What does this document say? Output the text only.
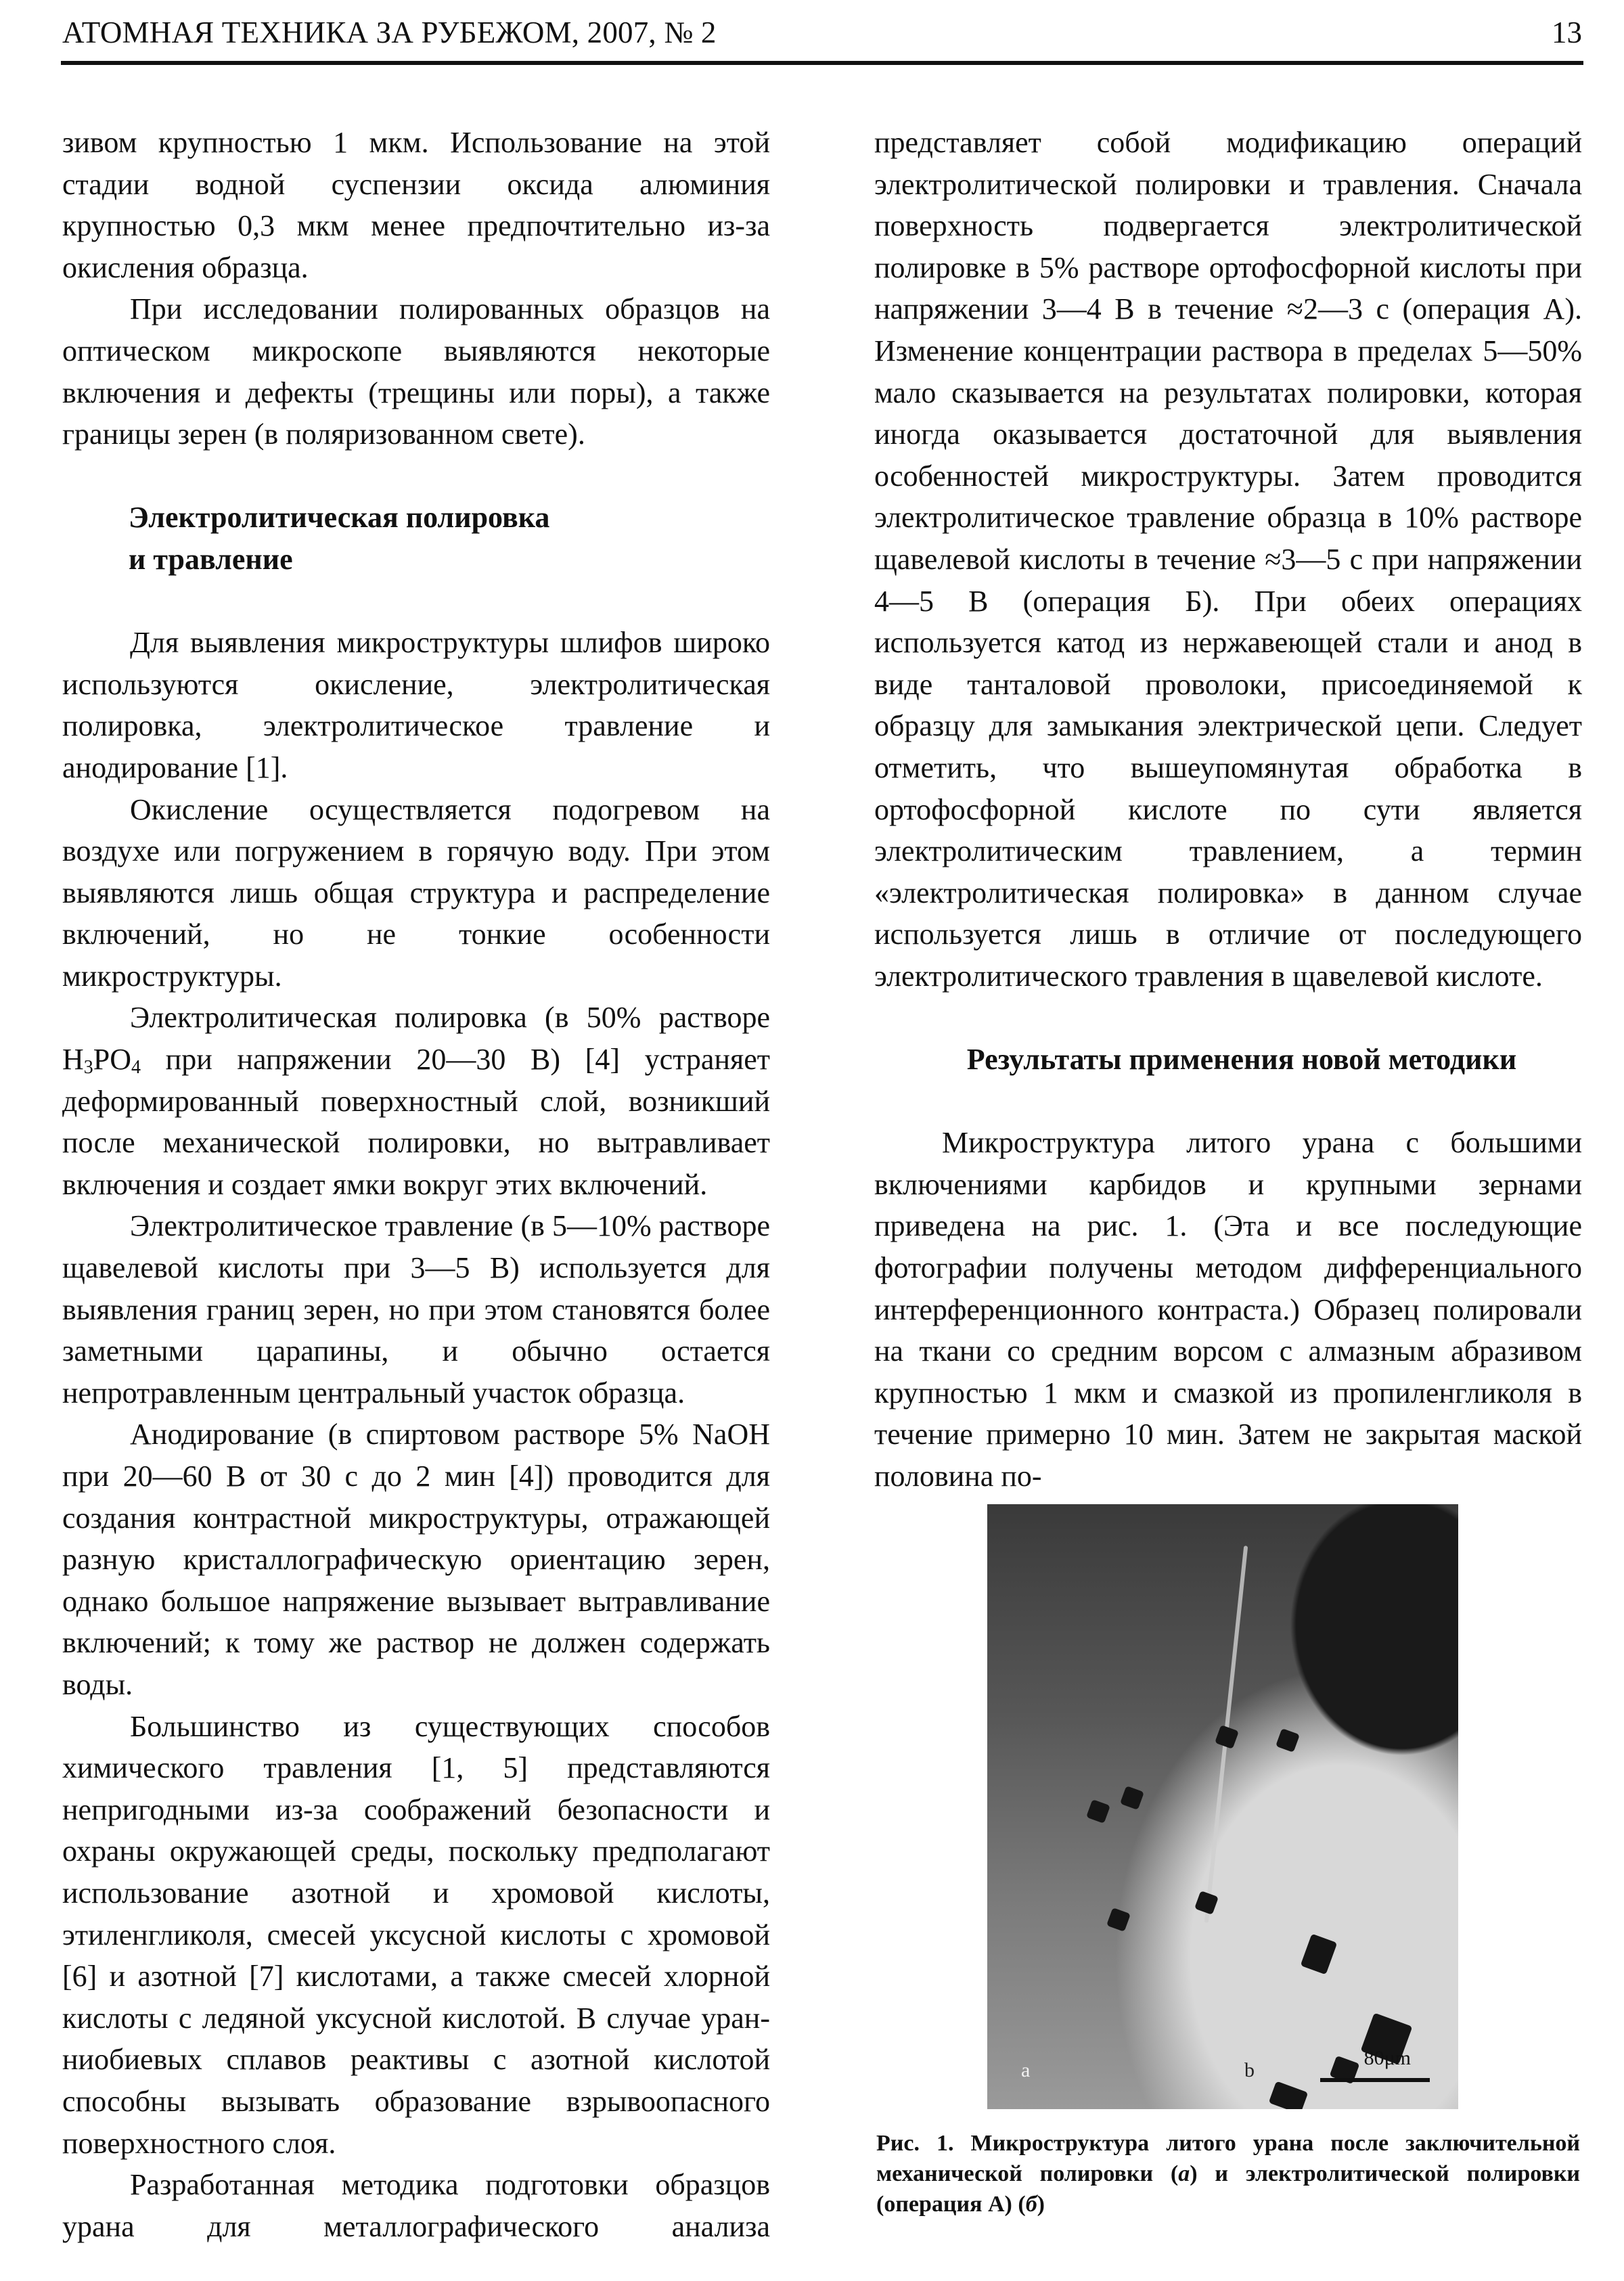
АТОМНАЯ ТЕХНИКА ЗА РУБЕЖОМ, 2007, № 2	13

зивом крупностью 1 мкм. Использование на этой стадии водной суспензии оксида алюминия крупностью 0,3 мкм менее предпочтительно из-за окисления образца.

При исследовании полированных образцов на оптическом микроскопе выявляются некоторые включения и дефекты (трещины или поры), а также границы зерен (в поляризованном свете).

Электролитическая полировка
и травление

Для выявления микроструктуры шлифов широко используются окисление, электролитическая полировка, электролитическое травление и анодирование [1].

Окисление осуществляется подогревом на воздухе или погружением в горячую воду. При этом выявляются лишь общая структура и распределение включений, но не тонкие особенности микроструктуры.

Электролитическая полировка (в 50% растворе $H_3PO_4$ при напряжении 20—30 В) [4] устраняет деформированный поверхностный слой, возникший после механической полировки, но вытравливает включения и создает ямки вокруг этих включений.

Электролитическое травление (в 5—10% растворе щавелевой кислоты при 3—5 В) используется для выявления границ зерен, но при этом становятся более заметными царапины, и обычно остается непротравленным центральный участок образца.

Анодирование (в спиртовом растворе 5% NaOH при 20—60 В от 30 с до 2 мин [4]) проводится для создания контрастной микроструктуры, отражающей разную кристаллографическую ориентацию зерен, однако большое напряжение вызывает вытравливание включений; к тому же раствор не должен содержать воды.

Большинство из существующих способов химического травления [1, 5] представляются непригодными из-за соображений безопасности и охраны окружающей среды, поскольку предполагают использование азотной и хромовой кислоты, этиленгликоля, смесей уксусной кислоты с хромовой [6] и азотной [7] кислотами, а также смесей хлорной кислоты с ледяной уксусной кислотой. В случае уран-ниобиевых сплавов реактивы с азотной кислотой способны вызывать образование взрывоопасного поверхностного слоя.

Разработанная методика подготовки образцов урана для металлографического анализа

представляет собой модификацию операций электролитической полировки и травления. Сначала поверхность подвергается электролитической полировке в 5% растворе ортофосфорной кислоты при напряжении 3—4 В в течение ≈2—3 с (операция А). Изменение концентрации раствора в пределах 5—50% мало сказывается на результатах полировки, которая иногда оказывается достаточной для выявления особенностей микроструктуры. Затем проводится электролитическое травление образца в 10% растворе щавелевой кислоты в течение ≈3—5 с при напряжении 4—5 В (операция Б). При обеих операциях используется катод из нержавеющей стали и анод в виде танталовой проволоки, присоединяемой к образцу для замыкания электрической цепи. Следует отметить, что вышеупомянутая обработка в ортофосфорной кислоте по сути является электролитическим травлением, а термин «электролитическая полировка» в данном случае используется лишь в отличие от последующего электролитического травления в щавелевой кислоте.

Результаты применения новой методики

Микроструктура литого урана с большими включениями карбидов и крупными зернами приведена на рис. 1. (Эта и все последующие фотографии получены методом дифференциального интерференционного контраста.) Образец полировали на ткани со средним ворсом с алмазным абразивом крупностью 1 мкм и смазкой из пропиленгликоля в течение примерно 10 мин. Затем не закрытая маской половина по-

a	b
80μm
Рис. 1. Микроструктура литого урана после заключительной механической полировки (а) и электролитической полировки (операция А) (б)
